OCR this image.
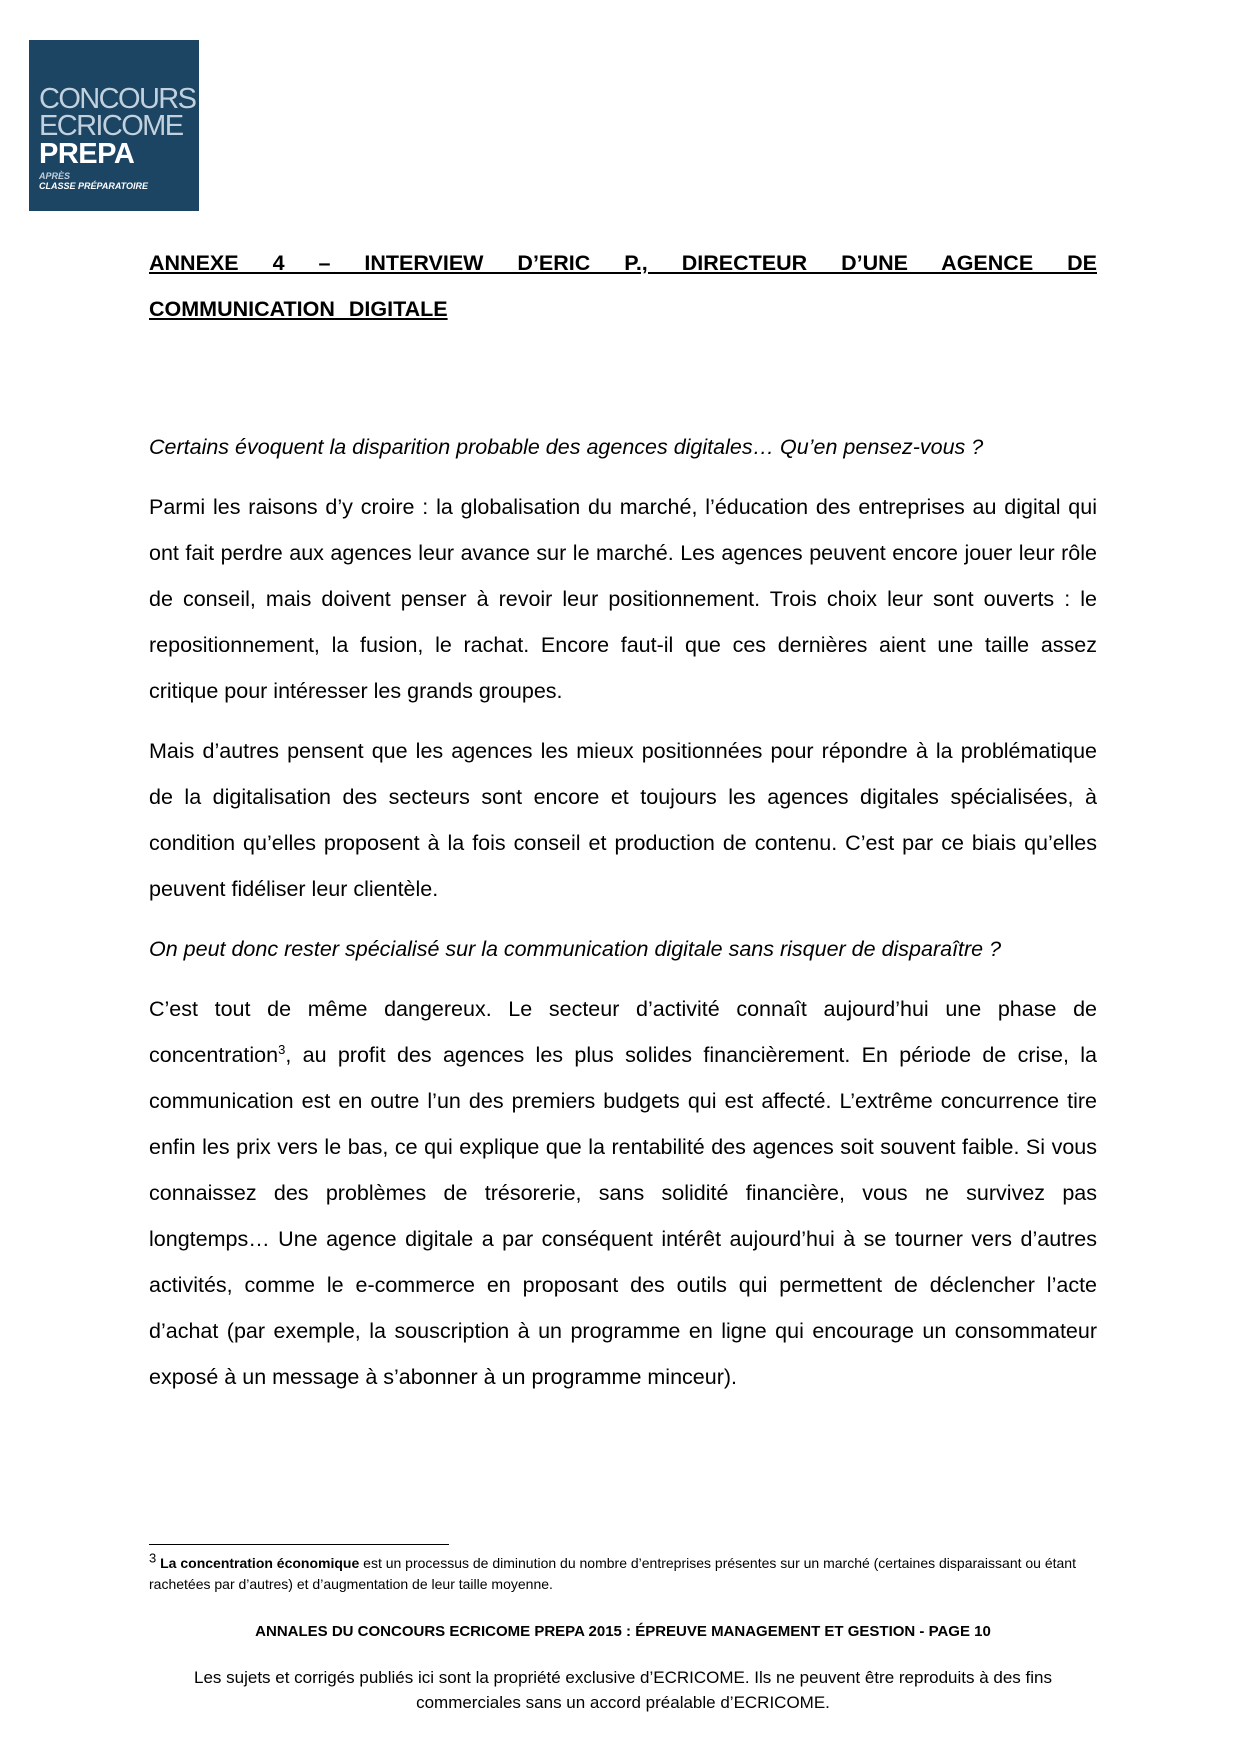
CONCOURS
ECRICOME
PREPA
APRÈS
CLASSE PRÉPARATOIRE

ANNEXE 4 – INTERVIEW D’ERIC P., DIRECTEUR D’UNE AGENCE DE COMMUNICATION DIGITALE

Certains évoquent la disparition probable des agences digitales… Qu’en pensez-vous ?

Parmi les raisons d’y croire : la globalisation du marché, l’éducation des entreprises au digital qui ont fait perdre aux agences leur avance sur le marché. Les agences peuvent encore jouer leur rôle de conseil, mais doivent penser à revoir leur positionnement. Trois choix leur sont ouverts : le repositionnement, la fusion, le rachat. Encore faut-il que ces dernières aient une taille assez critique pour intéresser les grands groupes.

Mais d’autres pensent que les agences les mieux positionnées pour répondre à la problématique de la digitalisation des secteurs sont encore et toujours les agences digitales spécialisées, à condition qu’elles proposent à la fois conseil et production de contenu. C’est par ce biais qu’elles peuvent fidéliser leur clientèle.

On peut donc rester spécialisé sur la communication digitale sans risquer de disparaître ?

C’est tout de même dangereux. Le secteur d’activité connaît aujourd’hui une phase de concentration$^3$, au profit des agences les plus solides financièrement. En période de crise, la communication est en outre l’un des premiers budgets qui est affecté. L’extrême concurrence tire enfin les prix vers le bas, ce qui explique que la rentabilité des agences soit souvent faible. Si vous connaissez des problèmes de trésorerie, sans solidité financière, vous ne survivez pas longtemps… Une agence digitale a par conséquent intérêt aujourd’hui à se tourner vers d’autres activités, comme le e-commerce en proposant des outils qui permettent de déclencher l’acte d’achat (par exemple, la souscription à un programme en ligne qui encourage un consommateur exposé à un message à s’abonner à un programme minceur).

$^3$ La concentration économique est un processus de diminution du nombre d’entreprises présentes sur un marché (certaines disparaissant ou étant rachetées par d’autres) et d’augmentation de leur taille moyenne.
ANNALES DU CONCOURS ECRICOME PREPA 2015 : ÉPREUVE MANAGEMENT ET GESTION - PAGE 10
Les sujets et corrigés publiés ici sont la propriété exclusive d’ECRICOME. Ils ne peuvent être reproduits à des fins commerciales sans un accord préalable d’ECRICOME.
